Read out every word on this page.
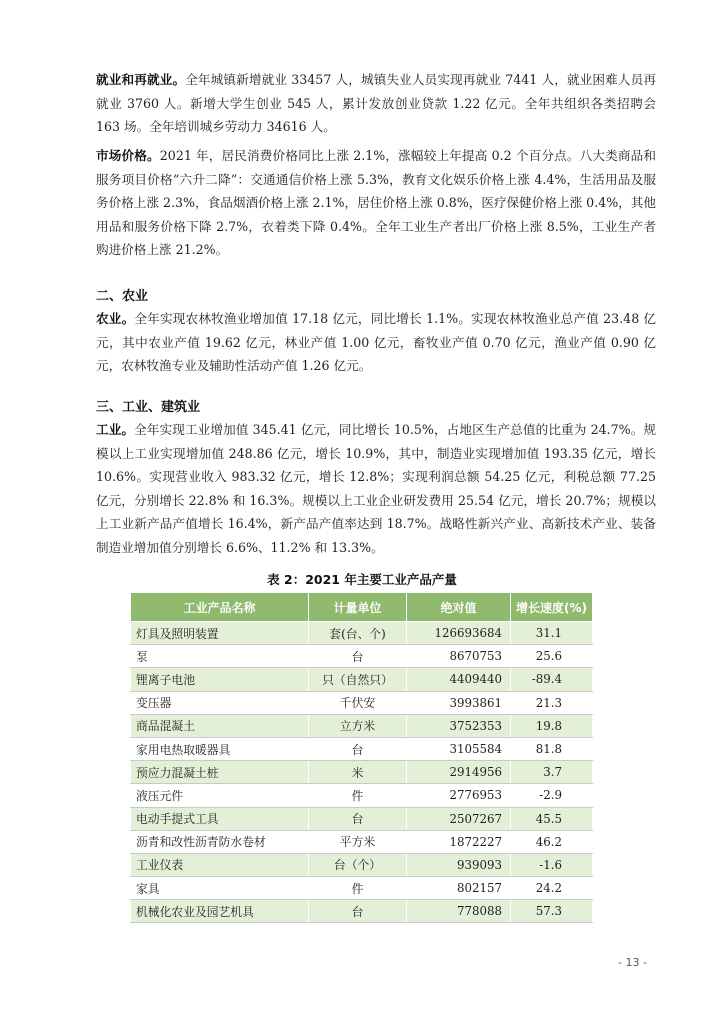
就业和再就业。全年城镇新增就业 33457 人，城镇失业人员实现再就业 7441 人，就业困难人员再就业 3760 人。新增大学生创业 545 人，累计发放创业贷款 1.22 亿元。全年共组织各类招聘会 163 场。全年培训城乡劳动力 34616 人。

市场价格。2021 年，居民消费价格同比上涨 2.1%，涨幅较上年提高 0.2 个百分点。八大类商品和服务项目价格“六升二降”：交通通信价格上涨 5.3%，教育文化娱乐价格上涨 4.4%，生活用品及服务价格上涨 2.3%，食品烟酒价格上涨 2.1%，居住价格上涨 0.8%，医疗保健价格上涨 0.4%，其他用品和服务价格下降 2.7%，衣着类下降 0.4%。全年工业生产者出厂价格上涨 8.5%，工业生产者购进价格上涨 21.2%。

二、农业

农业。全年实现农林牧渔业增加值 17.18 亿元，同比增长 1.1%。实现农林牧渔业总产值 23.48 亿元，其中农业产值 19.62 亿元，林业产值 1.00 亿元，畜牧业产值 0.70 亿元，渔业产值 0.90 亿元，农林牧渔专业及辅助性活动产值 1.26 亿元。

三、工业、建筑业

工业。全年实现工业增加值 345.41 亿元，同比增长 10.5%，占地区生产总值的比重为 24.7%。规模以上工业实现增加值 248.86 亿元，增长 10.9%，其中，制造业实现增加值 193.35 亿元，增长 10.6%。实现营业收入 983.32 亿元，增长 12.8%；实现利润总额 54.25 亿元，利税总额 77.25 亿元，分别增长 22.8% 和 16.3%。规模以上工业企业研发费用 25.54 亿元，增长 20.7%；规模以上工业新产品产值增长 16.4%，新产品产值率达到 18.7%。战略性新兴产业、高新技术产业、装备制造业增加值分别增长 6.6%、11.2% 和 13.3%。

表 2：2021 年主要工业产品产量
工业产品名称	计量单位	绝对值	增长速度(%)
灯具及照明装置	套(台、个)	126693684	31.1
泵	台	8670753	25.6
锂离子电池	只（自然只）	4409440	-89.4
变压器	千伏安	3993861	21.3
商品混凝土	立方米	3752353	19.8
家用电热取暖器具	台	3105584	81.8
预应力混凝土桩	米	2914956	3.7
液压元件	件	2776953	-2.9
电动手提式工具	台	2507267	45.5
沥青和改性沥青防水卷材	平方米	1872227	46.2
工业仪表	台（个）	939093	-1.6
家具	件	802157	24.2
机械化农业及园艺机具	台	778088	57.3
- 13 -
